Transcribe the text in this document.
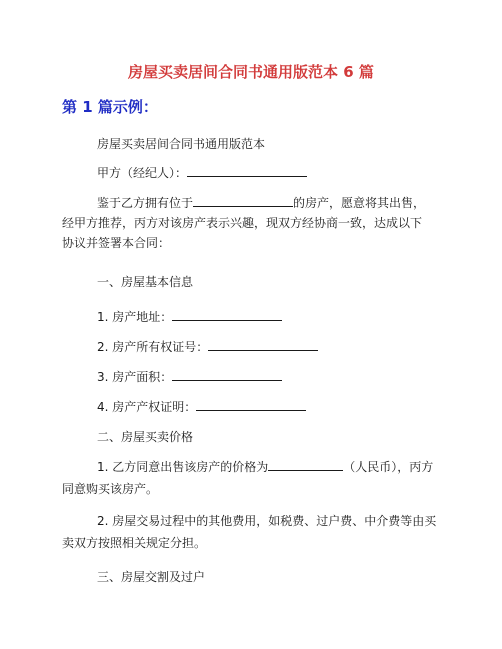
房屋买卖居间合同书通用版范本 6 篇
第 1 篇示例：
房屋买卖居间合同书通用版范本
甲方（经纪人）：
鉴于乙方拥有位于	的房产，愿意将其出售，
经甲方推荐，丙方对该房产表示兴趣，现双方经协商一致，达成以下
协议并签署本合同：
一、房屋基本信息
1. 房产地址：
2. 房产所有权证号：
3. 房产面积：
4. 房产产权证明：
二、房屋买卖价格
1. 乙方同意出售该房产的价格为	（人民币），丙方
同意购买该房产。
2. 房屋交易过程中的其他费用，如税费、过户费、中介费等由买
卖双方按照相关规定分担。
三、房屋交割及过户
